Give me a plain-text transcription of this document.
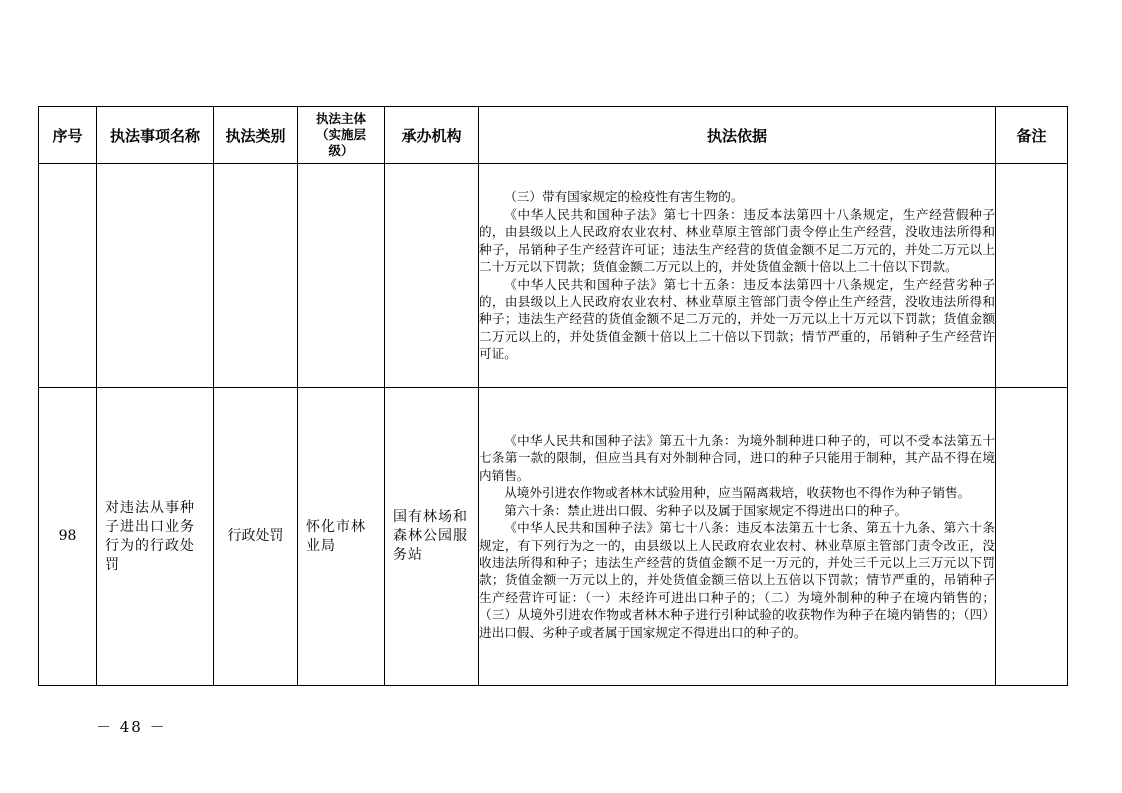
序号	执法事项名称	执法类别	执法主体
（实施层
级）	承办机构	执法依据	备注

					（三）带有国家规定的检疫性有害生物的。

《中华人民共和国种子法》第七十四条：违反本法第四十八条规定，生产经营假种子的，由县级以上人民政府农业农村、林业草原主管部门责令停止生产经营，没收违法所得和种子，吊销种子生产经营许可证；违法生产经营的货值金额不足二万元的，并处二万元以上二十万元以下罚款；货值金额二万元以上的，并处货值金额十倍以上二十倍以下罚款。

《中华人民共和国种子法》第七十五条：违反本法第四十八条规定，生产经营劣种子的，由县级以上人民政府农业农村、林业草原主管部门责令停止生产经营，没收违法所得和种子；违法生产经营的货值金额不足二万元的，并处一万元以上十万元以下罚款；货值金额二万元以上的，并处货值金额十倍以上二十倍以下罚款；情节严重的，吊销种子生产经营许可证。	

98	对违法从事种子进出口业务行为的行政处罚	行政处罚	怀化市林业局	国有林场和森林公园服务站	《中华人民共和国种子法》第五十九条：为境外制种进口种子的，可以不受本法第五十七条第一款的限制，但应当具有对外制种合同，进口的种子只能用于制种，其产品不得在境内销售。

从境外引进农作物或者林木试验用种，应当隔离栽培，收获物也不得作为种子销售。

第六十条：禁止进出口假、劣种子以及属于国家规定不得进出口的种子。

《中华人民共和国种子法》第七十八条：违反本法第五十七条、第五十九条、第六十条规定，有下列行为之一的，由县级以上人民政府农业农村、林业草原主管部门责令改正，没收违法所得和种子；违法生产经营的货值金额不足一万元的，并处三千元以上三万元以下罚款；货值金额一万元以上的，并处货值金额三倍以上五倍以下罚款；情节严重的，吊销种子生产经营许可证：（一）未经许可进出口种子的；（二）为境外制种的种子在境内销售的；（三）从境外引进农作物或者林木种子进行引种试验的收获物作为种子在境内销售的；（四）进出口假、劣种子或者属于国家规定不得进出口的种子的。	

－ 48 －
